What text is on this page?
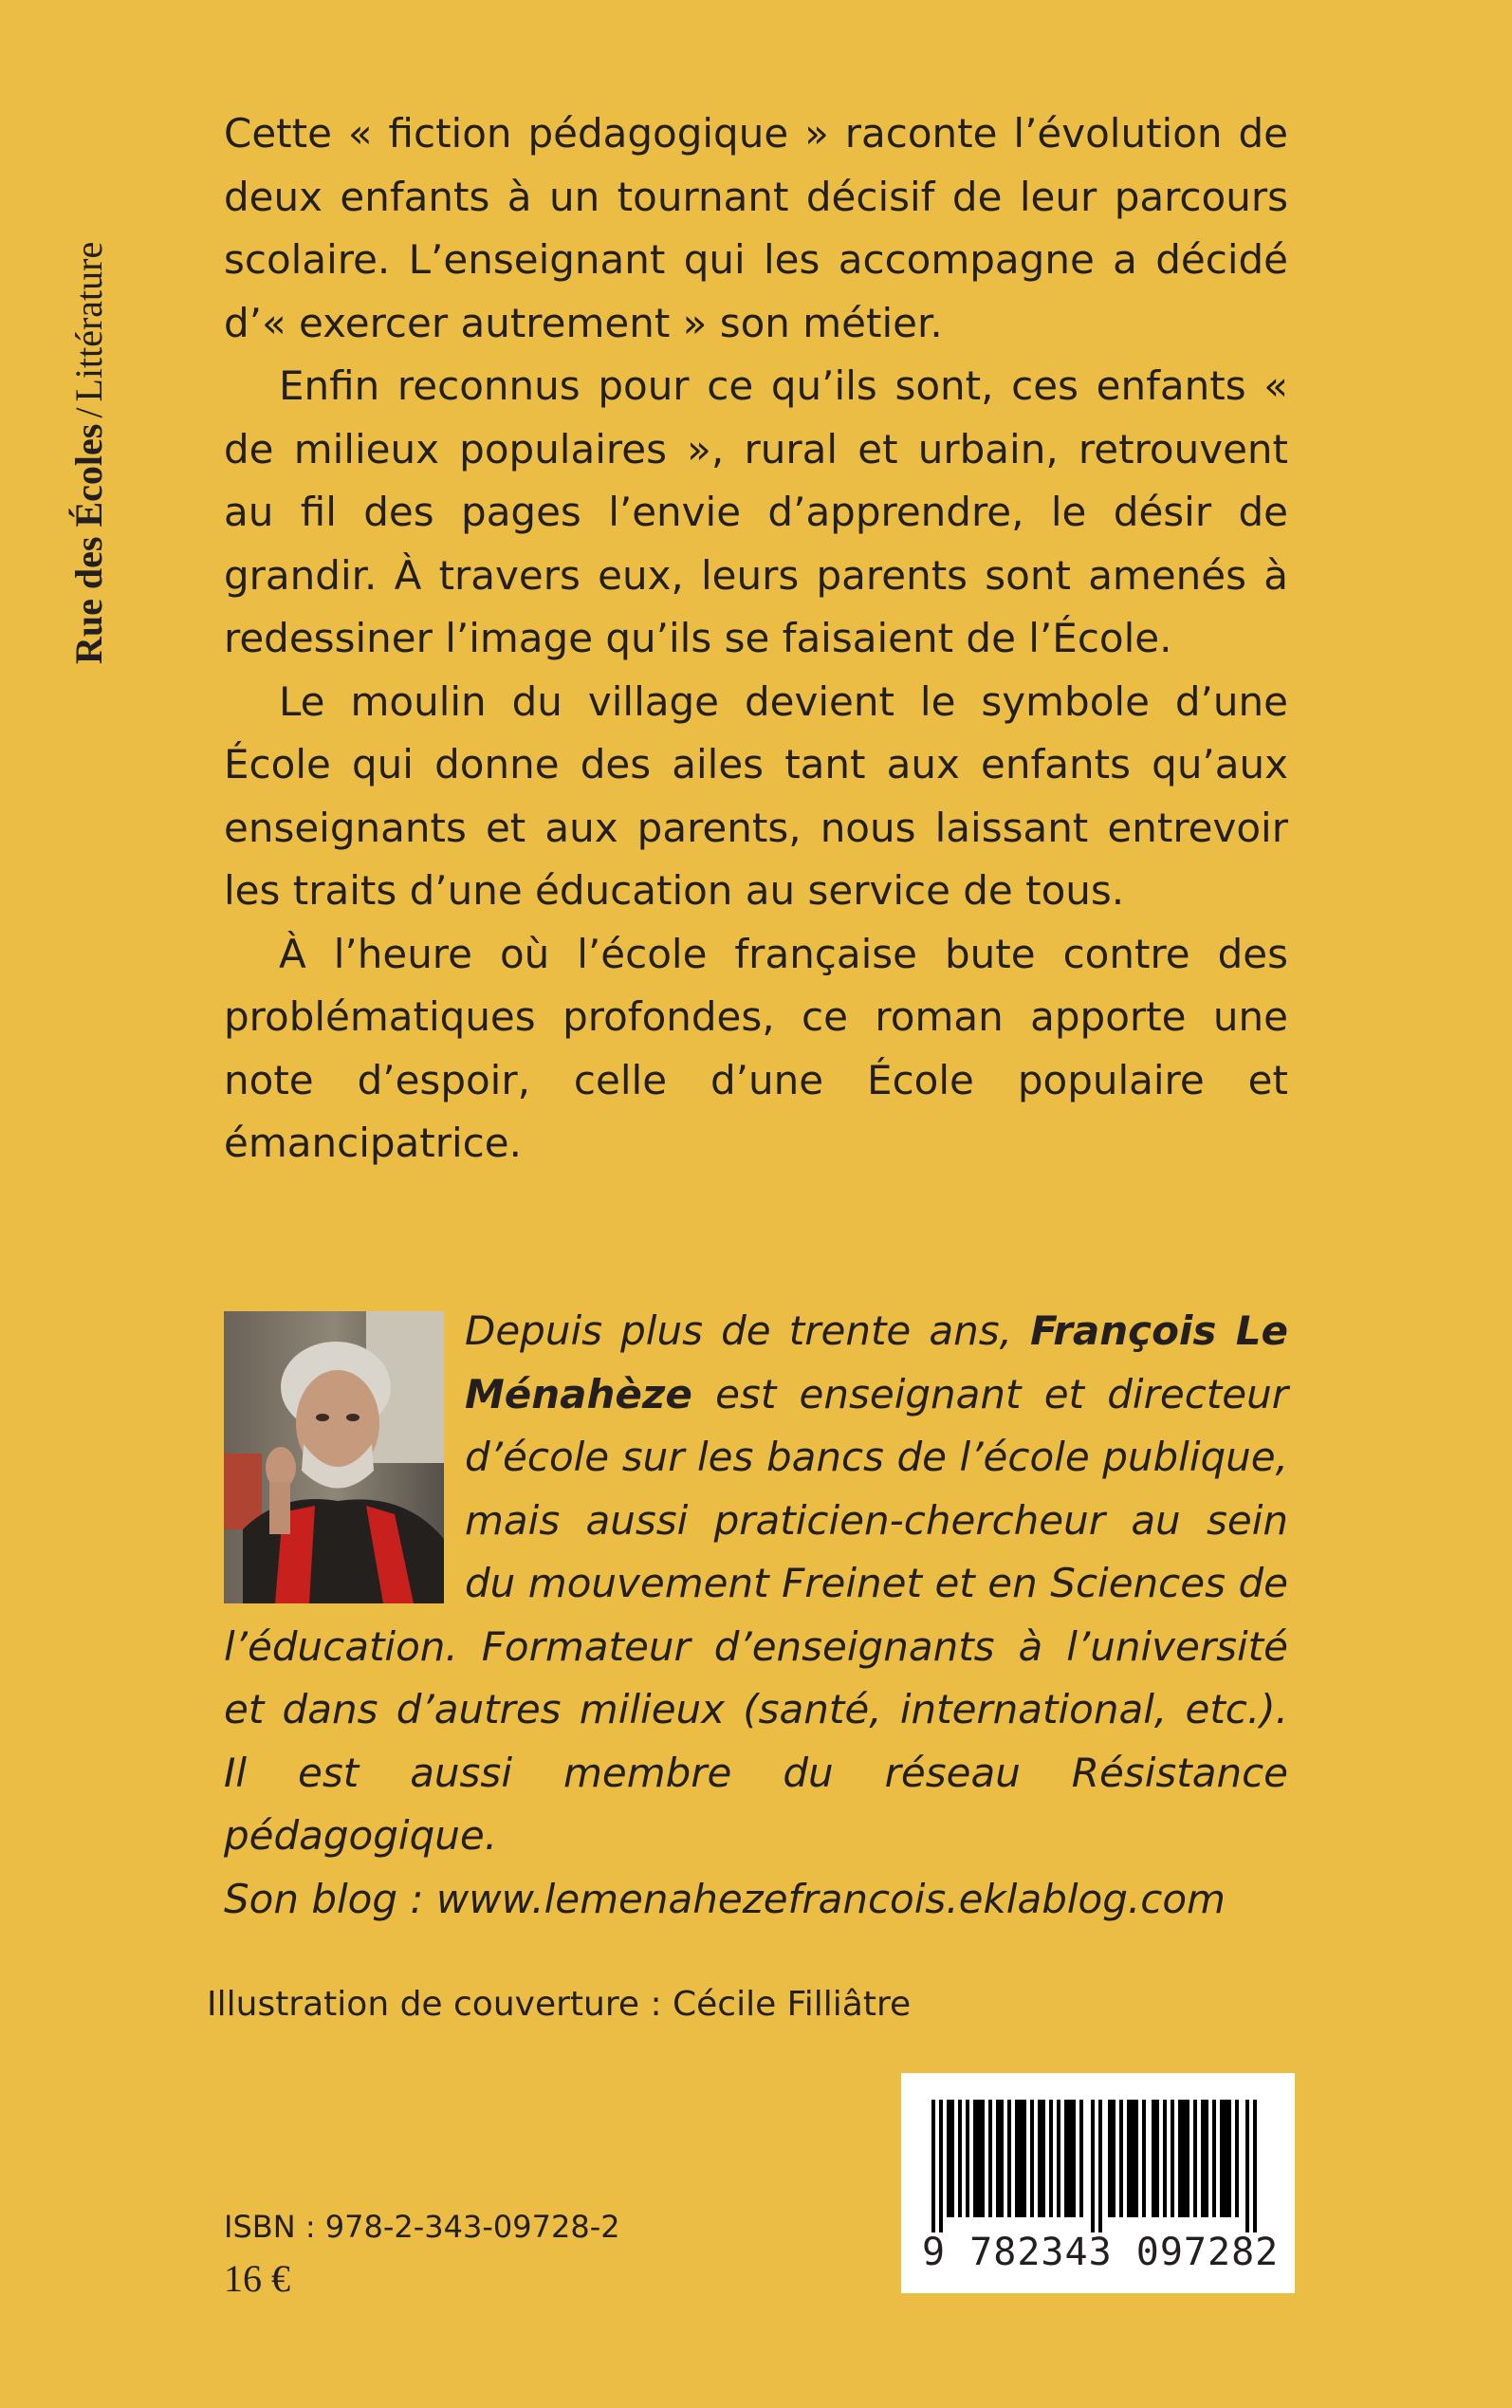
Rue des Écoles/Littérature

Cette « fiction pédagogique » raconte l’évolution de deux enfants à un tournant décisif de leur parcours scolaire. L’enseignant qui les accompagne a décidé d’« exercer autrement » son métier.

Enfin reconnus pour ce qu’ils sont, ces enfants « de milieux populaires », rural et urbain, retrouvent au fil des pages l’envie d’apprendre, le désir de grandir. À travers eux, leurs parents sont amenés à redessiner l’image qu’ils se faisaient de l’École.

Le moulin du village devient le symbole d’une École qui donne des ailes tant aux enfants qu’aux enseignants et aux parents, nous laissant entrevoir les traits d’une éducation au service de tous.

À l’heure où l’école française bute contre des problématiques profondes, ce roman apporte une note d’espoir, celle d’une École populaire et émancipatrice.

Depuis plus de trente ans, François Le Ménahèze est enseignant et directeur d’école sur les bancs de l’école publique, mais aussi praticien-chercheur au sein du mouvement Freinet et en Sciences de l’éducation. Formateur d’enseignants à l’université et dans d’autres milieux (santé, international, etc.). Il est aussi membre du réseau Résistance pédagogique.
Son blog : www.lemenahezefrancois.eklablog.com
Illustration de couverture : Cécile Filliâtre
9 782343 097282
ISBN : 978-2-343-09728-2
16 €
